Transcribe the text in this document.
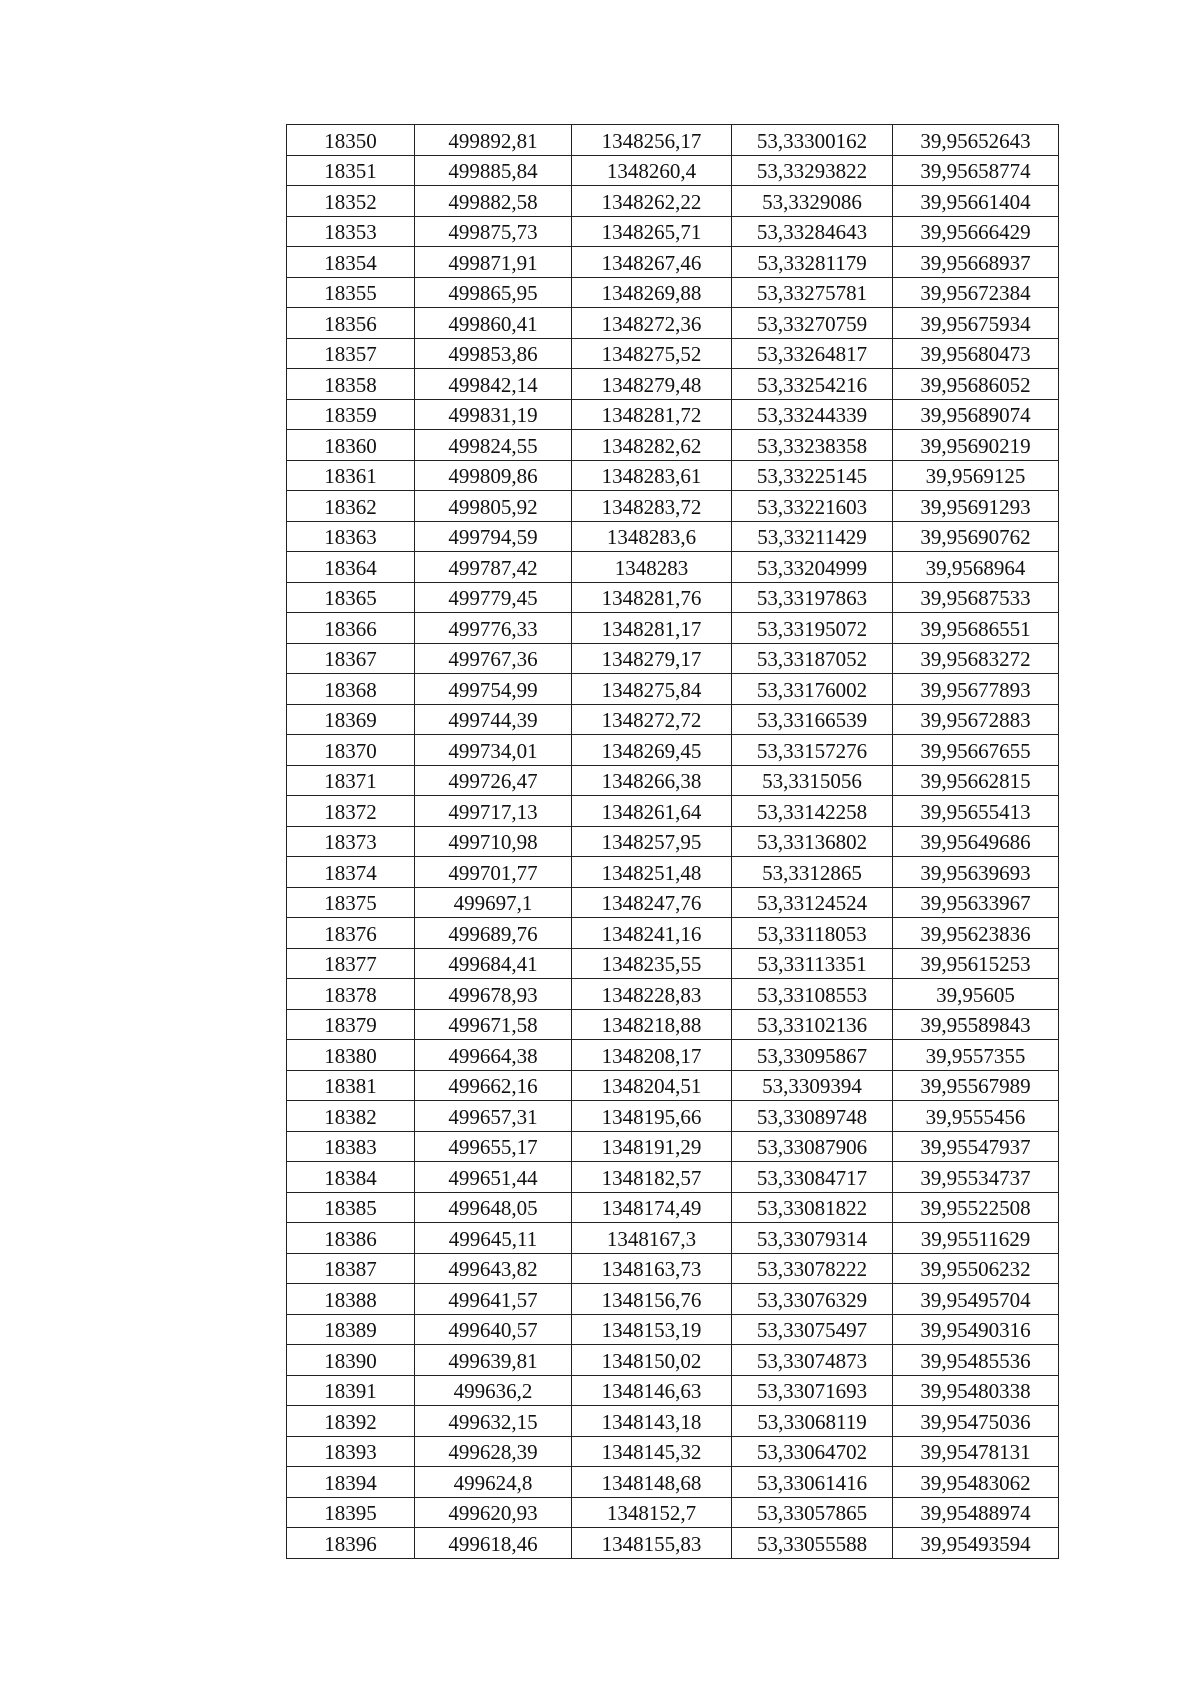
18350	499892,81	1348256,17	53,33300162	39,95652643
18351	499885,84	1348260,4	53,33293822	39,95658774
18352	499882,58	1348262,22	53,3329086	39,95661404
18353	499875,73	1348265,71	53,33284643	39,95666429
18354	499871,91	1348267,46	53,33281179	39,95668937
18355	499865,95	1348269,88	53,33275781	39,95672384
18356	499860,41	1348272,36	53,33270759	39,95675934
18357	499853,86	1348275,52	53,33264817	39,95680473
18358	499842,14	1348279,48	53,33254216	39,95686052
18359	499831,19	1348281,72	53,33244339	39,95689074
18360	499824,55	1348282,62	53,33238358	39,95690219
18361	499809,86	1348283,61	53,33225145	39,9569125
18362	499805,92	1348283,72	53,33221603	39,95691293
18363	499794,59	1348283,6	53,33211429	39,95690762
18364	499787,42	1348283	53,33204999	39,9568964
18365	499779,45	1348281,76	53,33197863	39,95687533
18366	499776,33	1348281,17	53,33195072	39,95686551
18367	499767,36	1348279,17	53,33187052	39,95683272
18368	499754,99	1348275,84	53,33176002	39,95677893
18369	499744,39	1348272,72	53,33166539	39,95672883
18370	499734,01	1348269,45	53,33157276	39,95667655
18371	499726,47	1348266,38	53,3315056	39,95662815
18372	499717,13	1348261,64	53,33142258	39,95655413
18373	499710,98	1348257,95	53,33136802	39,95649686
18374	499701,77	1348251,48	53,3312865	39,95639693
18375	499697,1	1348247,76	53,33124524	39,95633967
18376	499689,76	1348241,16	53,33118053	39,95623836
18377	499684,41	1348235,55	53,33113351	39,95615253
18378	499678,93	1348228,83	53,33108553	39,95605
18379	499671,58	1348218,88	53,33102136	39,95589843
18380	499664,38	1348208,17	53,33095867	39,9557355
18381	499662,16	1348204,51	53,3309394	39,95567989
18382	499657,31	1348195,66	53,33089748	39,9555456
18383	499655,17	1348191,29	53,33087906	39,95547937
18384	499651,44	1348182,57	53,33084717	39,95534737
18385	499648,05	1348174,49	53,33081822	39,95522508
18386	499645,11	1348167,3	53,33079314	39,95511629
18387	499643,82	1348163,73	53,33078222	39,95506232
18388	499641,57	1348156,76	53,33076329	39,95495704
18389	499640,57	1348153,19	53,33075497	39,95490316
18390	499639,81	1348150,02	53,33074873	39,95485536
18391	499636,2	1348146,63	53,33071693	39,95480338
18392	499632,15	1348143,18	53,33068119	39,95475036
18393	499628,39	1348145,32	53,33064702	39,95478131
18394	499624,8	1348148,68	53,33061416	39,95483062
18395	499620,93	1348152,7	53,33057865	39,95488974
18396	499618,46	1348155,83	53,33055588	39,95493594
